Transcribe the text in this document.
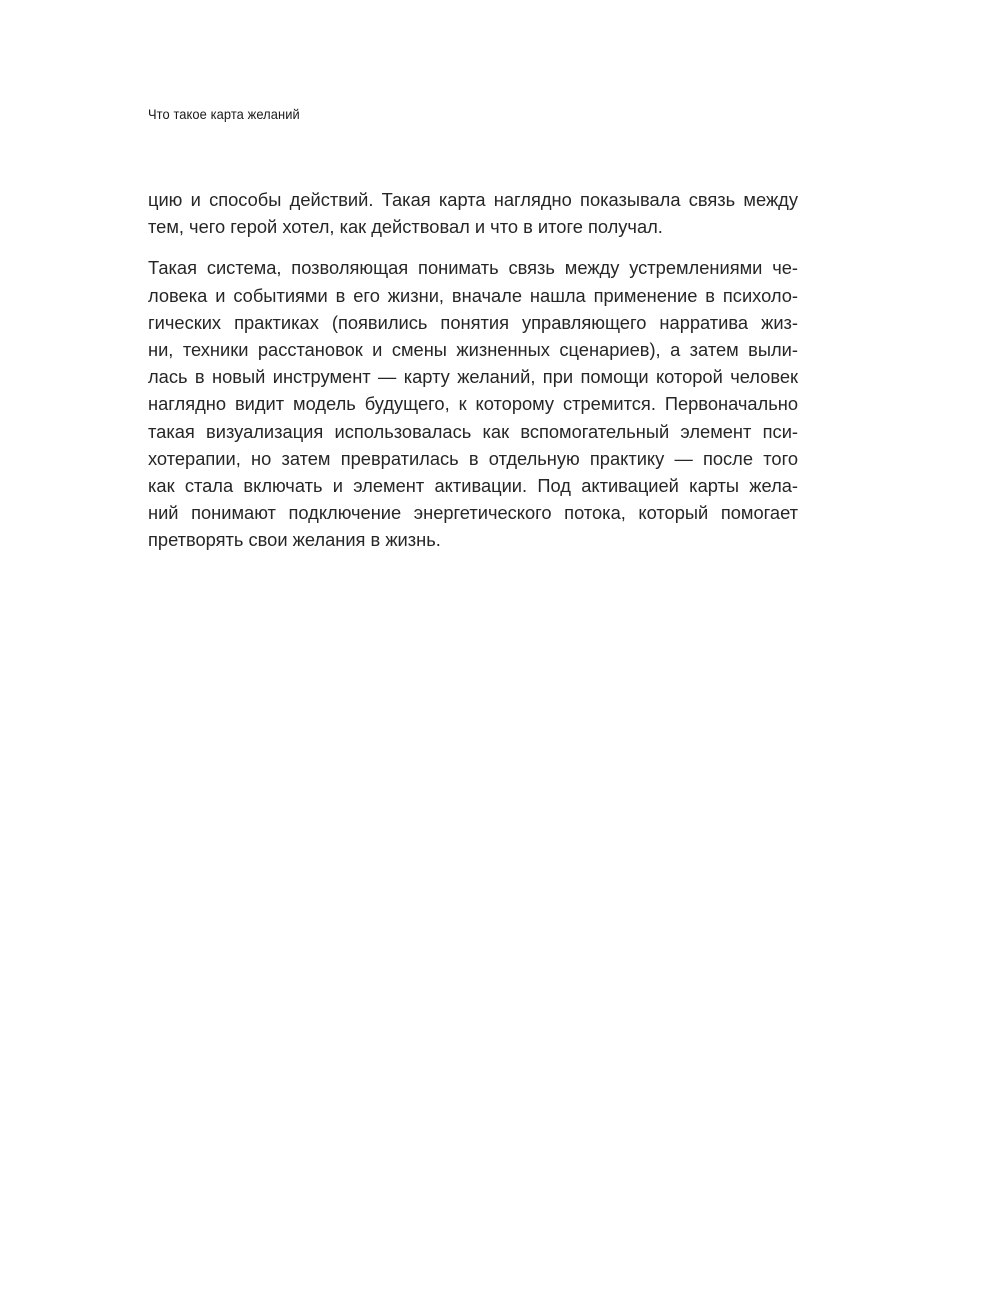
Что такое карта желаний
цию и способы действий. Такая карта наглядно показывала связь между
тем, чего герой хотел, как действовал и что в итоге получал.
Такая система, позволяющая понимать связь между устремлениями че-
ловека и событиями в его жизни, вначале нашла применение в психоло-
гических практиках (появились понятия управляющего нарратива жиз-
ни, техники расстановок и смены жизненных сценариев), а затем выли-
лась в новый инструмент — карту желаний, при помощи которой человек
наглядно видит модель будущего, к которому стремится. Первоначально
такая визуализация использовалась как вспомогательный элемент пси-
хотерапии, но затем превратилась в отдельную практику — после того
как стала включать и элемент активации. Под активацией карты жела-
ний понимают подключение энергетического потока, который помогает
претворять свои желания в жизнь.
